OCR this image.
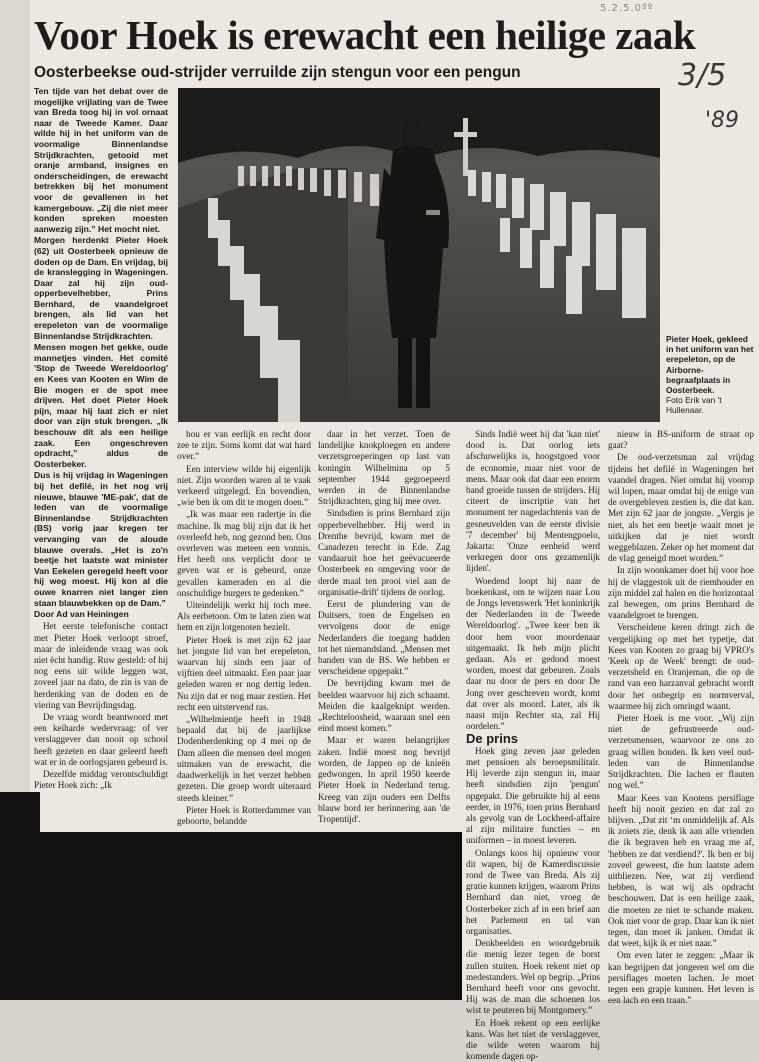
5.2.5.0ºº
3/5
'89
Voor Hoek is erewacht een heilige zaak
Oosterbeekse oud-strijder verruilde zijn stengun voor een pengun

Ten tijde van het debat over de mogelijke vrijlating van de Twee van Breda toog hij in vol ornaat naar de Tweede Kamer. Daar wilde hij in het uniform van de voormalige Binnenlandse Strijdkrachten, getooid met oranje armband, insignes en onderscheidingen, de erewacht betrekken bij het monument voor de gevallenen in het kamergebouw. „Zij die niet meer konden spreken moesten aanwezig zijn.” Het mocht niet.

Morgen herdenkt Pieter Hoek (62) uit Oosterbeek opnieuw de doden op de Dam. En vrijdag, bij de kranslegging in Wageningen. Daar zal hij zijn oud-opperbevelhebber, Prins Bernhard, de vaandelgroet brengen, als lid van het erepeleton van de voormalige Binnenlandse Strijdkrachten.

Mensen mogen het gekke, oude mannetjes vinden. Het comité 'Stop de Tweede Wereldoorlog' en Kees van Kooten en Wim de Bie mogen er de spot mee drijven. Het doet Pieter Hoek pijn, maar hij laat zich er niet door van zijn stuk brengen. „Ik beschouw dit als een heilige zaak. Een ongeschreven opdracht,” aldus de Oosterbeker.

Dus is hij vrijdag in Wageningen bij het defilé, in het nog vrij nieuwe, blauwe 'ME-pak', dat de leden van de voormalige Binnenlandse Strijdkrachten (BS) vorig jaar kregen ter vervanging van de aloude blauwe overals. „Het is zo'n beetje het laatste wat minister Van Eekelen geregeld heeft voor hij weg moest. Hij kon al die ouwe knarren niet langer zien staan blauwbekken op de Dam.”

Door Ad van Heiningen

Het eerste telefonische contact met Pieter Hoek verloopt stroef, maar de inleidende vraag was ook niet ècht handig. Ruw gesteld: of hij nog eens uit wilde leggen wat, zoveel jaar na dato, de zin is van de herdenking van de doden en de viering van Bevrijdingsdag.

De vraag wordt beantwoord met een keiharde wedervraag: of ver verslaggever dan nooit op school heeft gezeten en daar geleerd heeft wat er in de oorlogsjaren gebeurd is.

Dezelfde middag verontschuldigt Pieter Hoek zich: „Ik

Pieter Hoek, gekleed in het uniform van het erepeleton, op de Airborne-begraafplaats in Oosterbeek.
Foto Erik van 't Hullenaar.

hou er van eerlijk en recht door zee te zijn. Soms komt dat wat hard over.”

Een interview wilde hij eigenlijk niet. Zijn woorden waren al te vaak verkeerd uitgelegd. En bovendien, „wie ben ik om dit te mogen doen.”

„Ik was maar een radertje in die machine. Ik mag blij zijn dat ik het overleefd heb, nog gezond ben. Ons overleven was meteen een vonnis. Het heeft ons verplicht door te geven wat er is gebeurd, onze gevallen kameraden en al die onschuldige burgers te gedenken.”

Uiteindelijk werkt hij toch mee. Als eerbetoon. Om te laten zien wat hem en zijn lotgenoten bezielt.

Pieter Hoek is met zijn 62 jaar het jongste lid van het erepeleton, waarvan hij sinds een jaar of vijftien deel uitmaakt. Een paar jaar geleden waren er nog dertig leden. Nu zijn dat er nog maar zestien. Het recht een uitstervend ras.

„Wilhelmientje heeft in 1948 bepaald dat bij de jaarlijkse Dodenherdenking op 4 mei op de Dam alleen die mensen deel mogen uitmaken van de erewacht, die daadwerkelijk in het verzet hebben gezeten. Die groep wordt uiteraard steeds kleiner.”

Pieter Hoek is Rotterdammer van geboorte, belandde

daar in het verzet. Toen de landelijke knokploegen en andere verzetsgroeperingen op last van koningin Wilhelmina op 5 september 1944 gegroepeerd werden in de Binnenlandse Strijdkrachten, ging hij mee over.

Sindsdien is prins Bernhard zijn opperbevelhebber. Hij werd in Drenthe bevrijd, kwam met de Canadezen terecht in Ede. Zag vandaaruit hoe het geëvacueerde Oosterbeek en omgeving voor de derde maal ten prooi viel aan de organisatie-drift' tijdens de oorlog.

Eerst de plundering van de Duitsers, toen de Engelsen en vervolgens door de enige Nederlanders die toegang hadden tot het niemandsland. „Mensen met banden van de BS. We hebben er verscheidene opgepakt.”

De bevrijding kwam met de beelden waarvoor hij zich schaamt. Meiden die kaalgeknipt werden. „Rechteloosheid, waaraan snel een eind moest komen.”

Maar er waren belangrijker zaken. Indië moest nog bevrijd worden, de Jappen op de knieën gedwongen. In april 1950 keerde Pieter Hoek in Nederland terug. Kreeg van zijn ouders een Delfts blauw bord ter herinnering aan 'de Tropentijd'.

Sinds Indië weet hij dat 'kan niet' dood is. Dat oorlog iets afschuwelijks is, hoogstgoed voor de economie, maar niet voor de mens. Maar ook dat daar een enorm band groeide tussen de strijders. Hij citeert de inscriptie van het monument ter nagedachtenis van de gesneuvelden van de eerste divisie '7 december' bij Mentengpoelo, Jakarta: 'Onze eenheid werd verkregen door ons gezamenlijk lijden'.

Woedend loopt hij naar de boekenkast, om te wijzen naar Lou de Jongs levenswerk 'Het koninkrijk der Nederlanden in de Tweede Wereldoorlog'. „Twee keer ben ik door hem voor moordenaar uitgemaakt. Ik heb mijn plicht gedaan. Als er gedood moest worden, moest dat gebeuren. Zoals daar nu door de pers en door De Jong over geschreven wordt, komt dat over als moord. Later, als ik naast mijn Rechter sta, zal Hij oordelen.”

De prins

Hoek ging zeven jaar geleden met pensioen als beroepsmilitair. Hij leverde zijn stengun in, maar heeft sindsdien zijn 'pengun' opgepakt. Die gebruikte hij al eens eerder, in 1976, toen prins Bernhard als gevolg van de Lockheed-affaire al zijn militaire functies – en uniformen – in moest leveren.

Onlangs koos hij opnieuw voor dit wapen, bij de Kamerdiscussie rond de Twee van Breda. Als zij gratie kunnen krijgen, waarom Prins Bernhard dan niet, vroeg de Oosterbeker zich af in een brief aan het Parlement en tal van organisaties.

Denkbeelden en woordgebruik die menig lezer tegen de borst zullen stuiten. Hoek rekent niet op medestanders. Wel op begrip. „Prins Bernhard heeft voor ons gevocht. Hij was de man die schoenen los wist te peuteren bij Montgomery.”

En Hoek rekent op een eerlijke kans. Was het niet de verslaggever, die wilde weten waarom hij komende dagen op-

nieuw in BS-uniform de straat op gaat?

De oud-verzetsman zal vrijdag tijdens het defilé in Wageningen het vaandel dragen. Niet omdat hij voorop wil lopen, maar omdat hij de enige van de overgebleven zestien is, die dat kan. Met zijn 62 jaar de jongste. „Vergis je niet, als het een beetje waait moet je uitkijken dat je niet wordt weggeblazen. Zeker op het moment dat de vlag geneigd moet worden.”

In zijn woonkamer doet hij voor hoe hij de vlaggestok uit de riemhouder en zijn middel zal halen en die horizontaal zal bewegen, om prins Bernhard de vaandelgroet te brengen.

Verscheidene keren dringt zich de vergelijking op met het typetje, dat Kees van Kooten zo graag bij VPRO's 'Keek op de Week' brengt: de oud-verzetsheld en Oranjeman, die op de rand van een harzanval gebracht wordt door het onbegrip en normverval, waarmee hij zich omringd waant.

Pieter Hoek is me voor. „Wij zijn niet de gefrustreerde oud-verzetsmensen, waarvoor ze ons zo graag willen houden. Ik ken veel oud-leden van de Binnenlandse Strijdkrachten. Die lachen er flauten nog wel.”

Maar Kees van Kootens persiflage heeft hij nooit gezien en dat zal zo blijven. „Dat zit ‘m onmiddelijk af. Als ik zoiets zie, denk ik aan alle vrienden die ik begraven heb en vraag me af, 'hebben ze dat verdiend?'. Ik ben er bij zoveel geweest, die hun laatste adem uitbliezen. Nee, wat zij verdiend hebben, is wat wij als opdracht beschouwen. Dat is een heilige zaak, die moeten ze niet te schande maken. Ook niet voor de grap. Daar kan ik niet tegen, dan moet ik janken. Omdat ik dat weet, kijk ik er niet naar.”

Om even later te zeggen: „Maar ik kan begrijpen dat jongeren wel om die persiflages moeten lachen. Je moet tegen een grapje kunnen. Het leven is een lach en een traan.”
